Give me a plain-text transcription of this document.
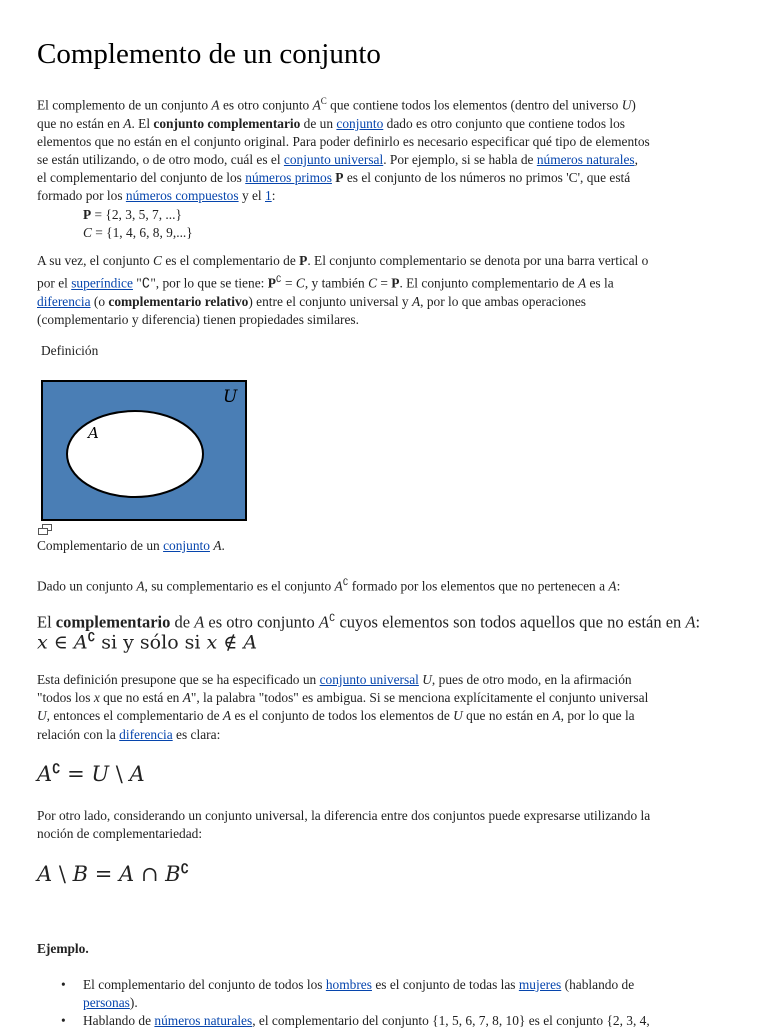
Complemento de un conjunto
El complemento de un conjunto A es otro conjunto $A^C$ que contiene todos los elementos (dentro del universo U)
que no están en A. El conjunto complementario de un conjunto dado es otro conjunto que contiene todos los
elementos que no están en el conjunto original. Para poder definirlo es necesario especificar qué tipo de elementos
se están utilizando, o de otro modo, cuál es el conjunto universal. Por ejemplo, si se habla de números naturales,
el complementario del conjunto de los números primos P es el conjunto de los números no primos 'C', que está
formado por los números compuestos y el 1:
P = {2, 3, 5, 7, ...}
C = {1, 4, 6, 8, 9,...}
A su vez, el conjunto C es el complementario de P. El conjunto complementario se denota por una barra vertical o
por el superíndice "∁", por lo que se tiene: P∁ = C, y también C = P. El conjunto complementario de A es la
diferencia (o complementario relativo) entre el conjunto universal y A, por lo que ambas operaciones
(complementario y diferencia) tienen propiedades similares.
Definición
U
A
Complementario de un conjunto A.
Dado un conjunto A, su complementario es el conjunto A∁ formado por los elementos que no pertenecen a A:
El complementario de A es otro conjunto A∁ cuyos elementos son todos aquellos que no están en A:
x ∈ A∁ si y sólo si x ∉ A
Esta definición presupone que se ha especificado un conjunto universal U, pues de otro modo, en la afirmación
"todos los x que no está en A", la palabra "todos" es ambigua. Si se menciona explícitamente el conjunto universal
U, entonces el complementario de A es el conjunto de todos los elementos de U que no están en A, por lo que la
relación con la diferencia es clara:
A∁ = U \ A
Por otro lado, considerando un conjunto universal, la diferencia entre dos conjuntos puede expresarse utilizando la
noción de complementariedad:
A \ B = A ∩ B∁
Ejemplo.
• El complementario del conjunto de todos los hombres es el conjunto de todas las mujeres (hablando de
personas).
• Hablando de números naturales, el complementario del conjunto {1, 5, 6, 7, 8, 10} es el conjunto {2, 3, 4,
